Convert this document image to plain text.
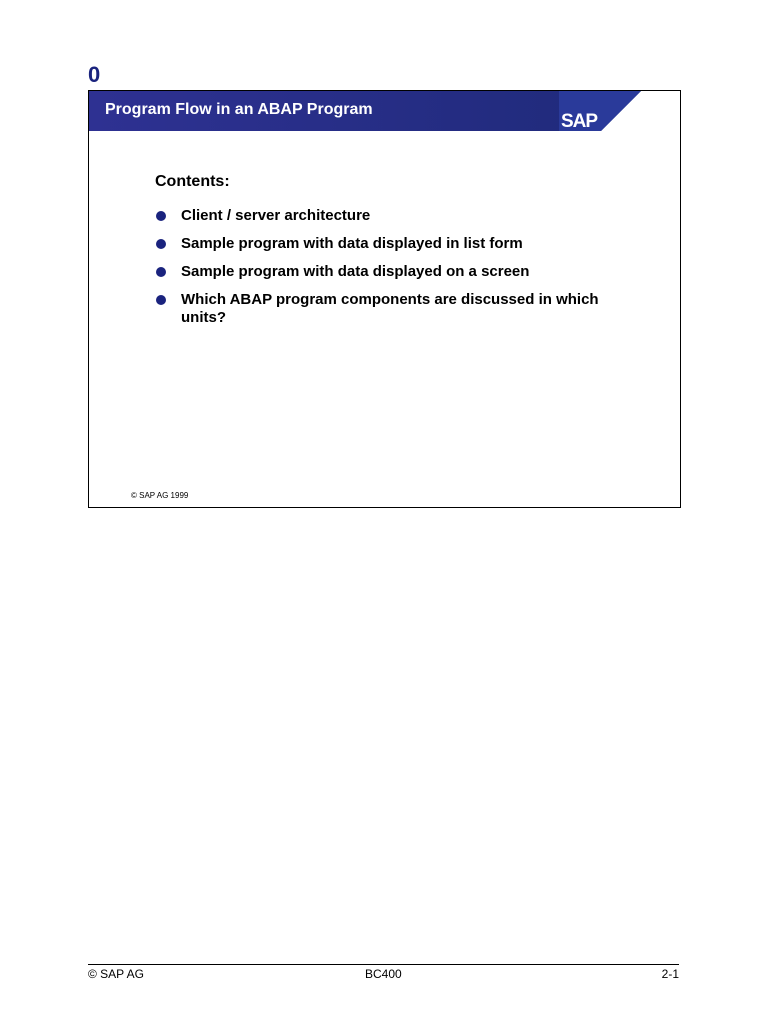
0
Program Flow in an ABAP Program
SAP
Contents:
Client / server architecture
Sample program with data displayed in list form
Sample program with data displayed on a screen
Which ABAP program components are discussed in which units?
© SAP AG 1999
© SAP AG	BC400	2-1
